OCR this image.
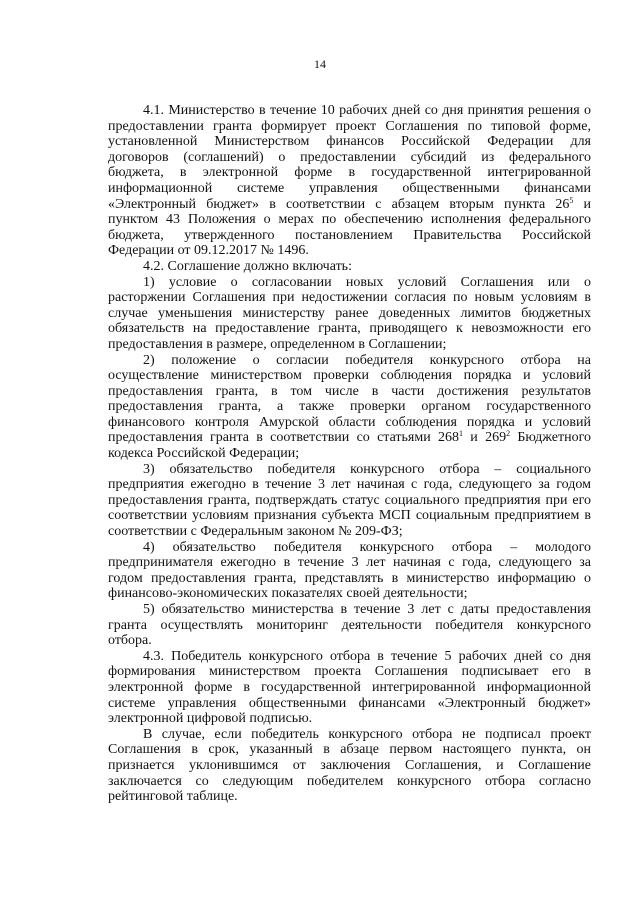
14
4.1. Министерство в течение 10 рабочих дней со дня принятия решения о
предоставлении гранта формирует проект Соглашения по типовой форме,
установленной Министерством финансов Российской Федерации для
договоров (соглашений) о предоставлении субсидий из федерального
бюджета, в электронной форме в государственной интегрированной
информационной системе управления общественными финансами
«Электронный бюджет» в соответствии с абзацем вторым пункта $26^5$ и
пунктом 43 Положения о мерах по обеспечению исполнения федерального
бюджета, утвержденного постановлением Правительства Российской
Федерации от 09.12.2017 № 1496.
4.2. Соглашение должно включать:
1) условие о согласовании новых условий Соглашения или о
расторжении Соглашения при недостижении согласия по новым условиям в
случае уменьшения министерству ранее доведенных лимитов бюджетных
обязательств на предоставление гранта, приводящего к невозможности его
предоставления в размере, определенном в Соглашении;
2) положение о согласии победителя конкурсного отбора на
осуществление министерством проверки соблюдения порядка и условий
предоставления гранта, в том числе в части достижения результатов
предоставления гранта, а также проверки органом государственного
финансового контроля Амурской области соблюдения порядка и условий
предоставления гранта в соответствии со статьями $268^1$ и $269^2$ Бюджетного
кодекса Российской Федерации;
3) обязательство победителя конкурсного отбора – социального
предприятия ежегодно в течение 3 лет начиная с года, следующего за годом
предоставления гранта, подтверждать статус социального предприятия при его
соответствии условиям признания субъекта МСП социальным предприятием в
соответствии с Федеральным законом № 209-ФЗ;
4) обязательство победителя конкурсного отбора – молодого
предпринимателя ежегодно в течение 3 лет начиная с года, следующего за
годом предоставления гранта, представлять в министерство информацию о
финансово-экономических показателях своей деятельности;
5) обязательство министерства в течение 3 лет с даты предоставления
гранта осуществлять мониторинг деятельности победителя конкурсного
отбора.
4.3. Победитель конкурсного отбора в течение 5 рабочих дней со дня
формирования министерством проекта Соглашения подписывает его в
электронной форме в государственной интегрированной информационной
системе управления общественными финансами «Электронный бюджет»
электронной цифровой подписью.
В случае, если победитель конкурсного отбора не подписал проект
Соглашения в срок, указанный в абзаце первом настоящего пункта, он
признается уклонившимся от заключения Соглашения, и Соглашение
заключается со следующим победителем конкурсного отбора согласно
рейтинговой таблице.
